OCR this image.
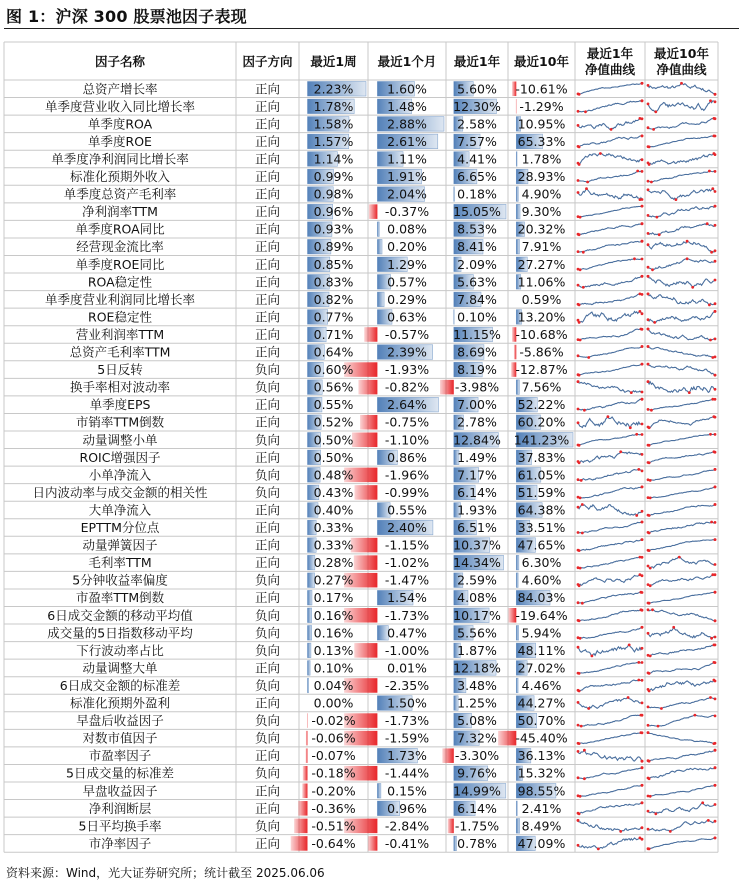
图 1：沪深 300 股票池因子表现
因子名称	因子方向 最近1周 最近1个月 最近1年 最近10年
最近1年
净值曲线
最近10年
净值曲线
总资产增长率	正向	2.23%	1.60% 5.60% -10.61%
单季度营业收入同比增长率	正向	1.78%	1.48% 12.30% -1.29%
单季度ROA	正向	1.58%	2.88% 2.58% 10.95%
单季度ROE	正向	1.57%	2.61% 7.57% 65.33%
单季度净利润同比增长率	正向	1.14%	1.11% 4.41% 1.78%
标准化预期外收入	正向	0.99%	1.91% 6.65% 28.93%
单季度总资产毛利率	正向	0.98%	2.04% 0.18% 4.90%
净利润率TTM	正向	0.96%	-0.37% 15.05% 9.30%
单季度ROA同比	正向	0.93%	0.08% 8.53% 20.32%
经营现金流比率	正向	0.89%	0.20% 8.41% 7.91%
单季度ROE同比	正向	0.85%	1.29% 2.09% 27.27%
ROA稳定性	正向	0.83%	0.57% 5.63% 11.06%
单季度营业利润同比增长率	正向	0.82%	0.29% 7.84% 0.59%
ROE稳定性	正向	0.77%	0.63% 0.10% 13.20%
营业利润率TTM	正向	0.71%	-0.57% 11.15% -10.68%
总资产毛利率TTM	正向	0.64%	2.39% 8.69% -5.86%
5日反转	负向	0.60%	-1.93% 8.19% -12.87%
换手率相对波动率	负向	0.56%	-0.82% -3.98% 7.56%
单季度EPS	正向	0.55%	2.64% 7.00% 52.22%
市销率TTM倒数	正向	0.52%	-0.75% 2.78% 60.20%
动量调整小单	负向	0.50%	-1.10% 12.84% 141.23%
ROIC增强因子	正向	0.50%	0.86% 1.49% 37.83%
小单净流入	负向	0.48%	-1.96% 7.17% 61.05%
日内波动率与成交金额的相关性	负向	0.43%	-0.99% 6.14% 51.59%
大单净流入	正向	0.40%	0.55% 1.93% 64.38%
EPTTM分位点	正向	0.33%	2.40% 6.51% 33.51%
动量弹簧因子	正向	0.33%	-1.15% 10.37% 47.65%
毛利率TTM	正向	0.28%	-1.02% 14.34% 6.30%
5分钟收益率偏度	负向	0.27%	-1.47% 2.59% 4.60%
市盈率TTM倒数	正向	0.17%	1.54% 4.08% 84.03%
6日成交金额的移动平均值	负向	0.16%	-1.73% 10.17% -19.64%
成交量的5日指数移动平均	负向	0.16%	0.47% 5.56% 5.94%
下行波动率占比	负向	0.13%	-1.00% 1.87% 48.11%
动量调整大单	正向	0.10%	0.01% 12.18% 27.02%
6日成交金额的标准差	负向	0.04%	-2.35% 3.48% 4.46%
标准化预期外盈利	正向	0.00%	1.50% 1.25% 44.27%
早盘后收益因子	负向	-0.02% -1.73% 5.08% 50.70%
对数市值因子	负向	-0.06% -1.59% 7.32% -45.40%
市盈率因子	正向	-0.07%	1.73% -3.30% 36.13%
5日成交量的标准差	负向	-0.18% -1.44% 9.76% 15.32%
早盘收益因子	正向	-0.20%	0.15% 14.99% 98.55%
净利润断层	正向	-0.36%	0.96% 6.14% 2.41%
5日平均换手率	负向	-0.51% -2.84% -1.75% 8.49%
市净率因子	正向	-0.64% -0.41% 0.78% 47.09%
资料来源：Wind，光大证券研究所；统计截至 2025.06.06
